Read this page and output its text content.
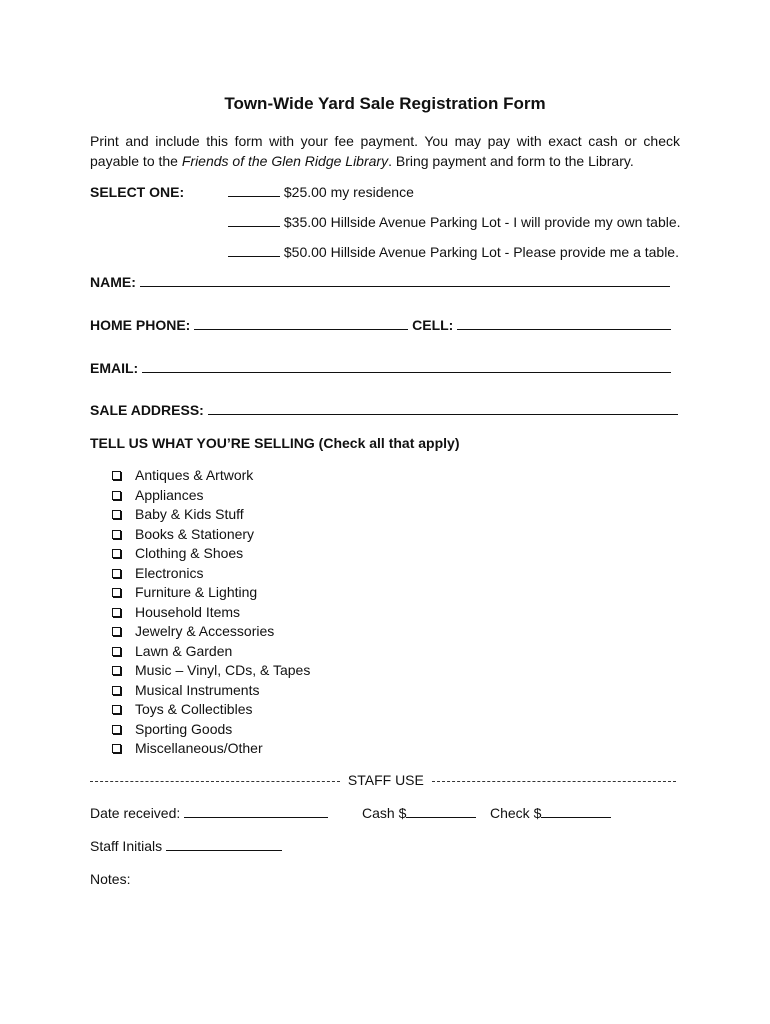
Town-Wide Yard Sale Registration Form
Print and include this form with your fee payment. You may pay with exact cash or check payable to the Friends of the Glen Ridge Library. Bring payment and form to the Library.
SELECT ONE:	$25.00 my residence
$35.00 Hillside Avenue Parking Lot - I will provide my own table.
$50.00 Hillside Avenue Parking Lot - Please provide me a table.
NAME:
HOME PHONE:	CELL:
EMAIL:
SALE ADDRESS:
TELL US WHAT YOU’RE SELLING (Check all that apply)
Antiques & Artwork
Appliances
Baby & Kids Stuff
Books & Stationery
Clothing & Shoes
Electronics
Furniture & Lighting
Household Items
Jewelry & Accessories
Lawn & Garden
Music – Vinyl, CDs, & Tapes
Musical Instruments
Toys & Collectibles
Sporting Goods
Miscellaneous/Other
STAFF USE
Date received:	Cash $	Check $
Staff Initials
Notes:
